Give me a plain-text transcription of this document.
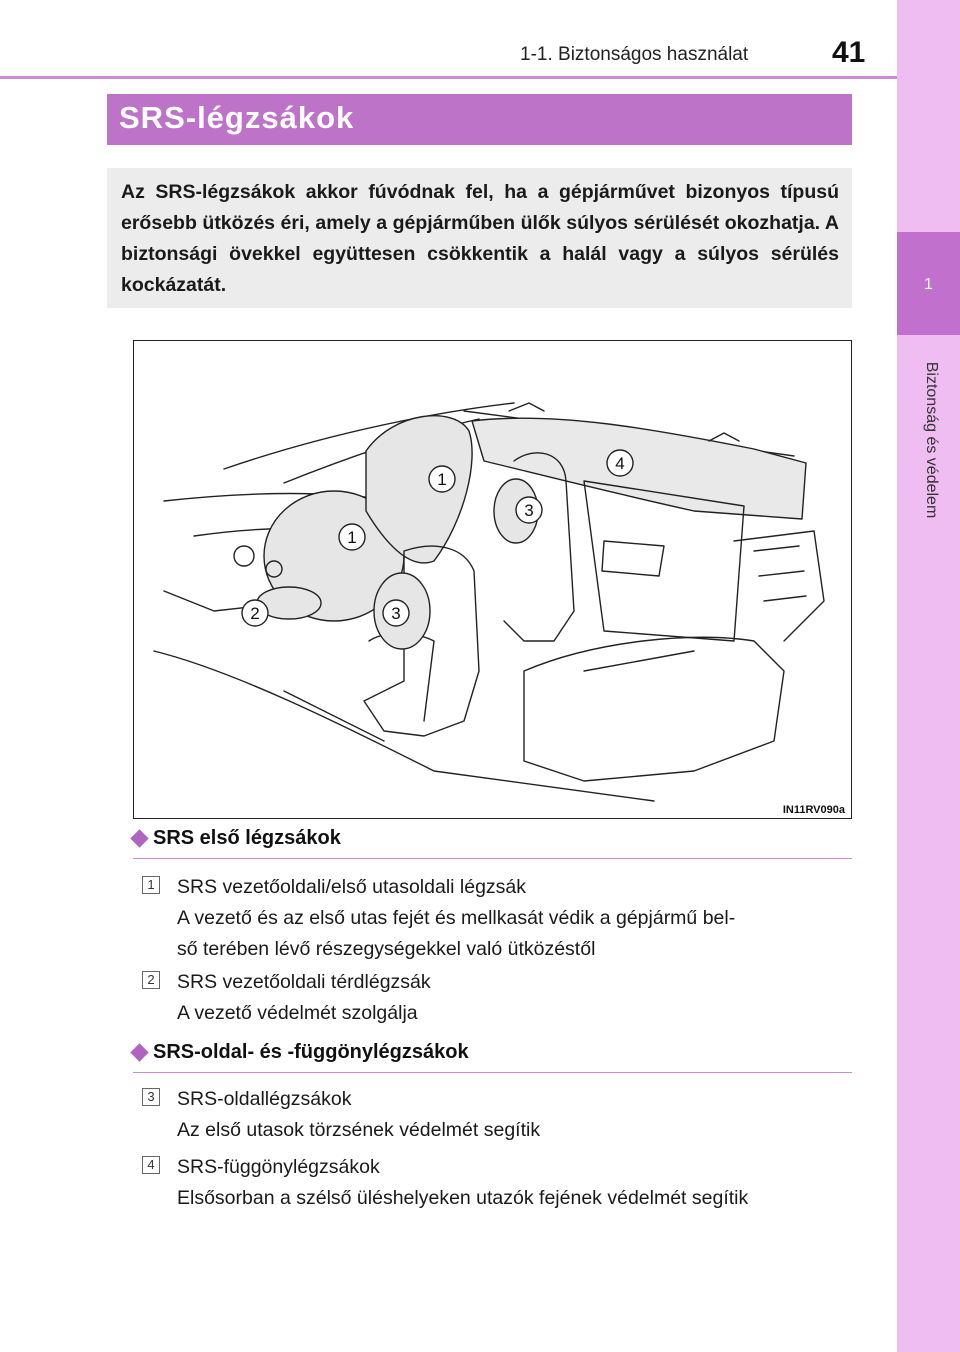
1-1. Biztonságos használat	41
1
Biztonság és védelem
SRS-légzsákok

Az SRS-légzsákok akkor fúvódnak fel, ha a gépjárművet bizonyos típusú erősebb ütközés éri, amely a gépjárműben ülők súlyos sérülését okozhatja. A biztonsági övekkel együttesen csökkentik a halál vagy a súlyos sérülés kockázatát.

1
1
2
3
3
4
IN11RV090a
SRS első légzsákok
1 SRS vezetőoldali/első utasoldali légzsák
A vezető és az első utas fejét és mellkasát védik a gépjármű bel-
ső terében lévő részegységekkel való ütközéstől
2 SRS vezetőoldali térdlégzsák
A vezető védelmét szolgálja
SRS-oldal- és -függönylégzsákok
3 SRS-oldallégzsákok
Az első utasok törzsének védelmét segítik
4 SRS-függönylégzsákok
Elsősorban a szélső üléshelyeken utazók fejének védelmét segítik
